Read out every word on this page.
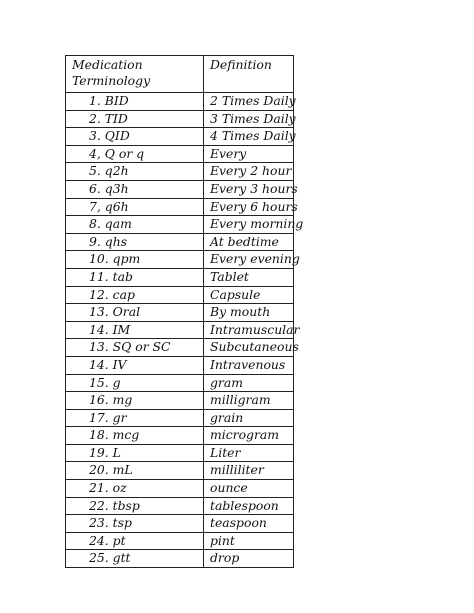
Medication Terminology	Definition
1. BID	2 Times Daily
2. TID	3 Times Daily
3. QID	4 Times Daily
4, Q or q	Every
5. q2h	Every 2 hour
6. q3h	Every 3 hours
7, q6h	Every 6 hours
8. qam	Every morning
9. qhs	At bedtime
10. qpm	Every evening
11. tab	Tablet
12. cap	Capsule
13. Oral	By mouth
14. IM	Intramuscular
13. SQ or SC	Subcutaneous
14. IV	Intravenous
15. g	gram
16. mg	milligram
17. gr	grain
18. mcg	microgram
19. L	Liter
20. mL	milliliter
21. oz	ounce
22. tbsp	tablespoon
23. tsp	teaspoon
24. pt	pint
25. gtt	drop
